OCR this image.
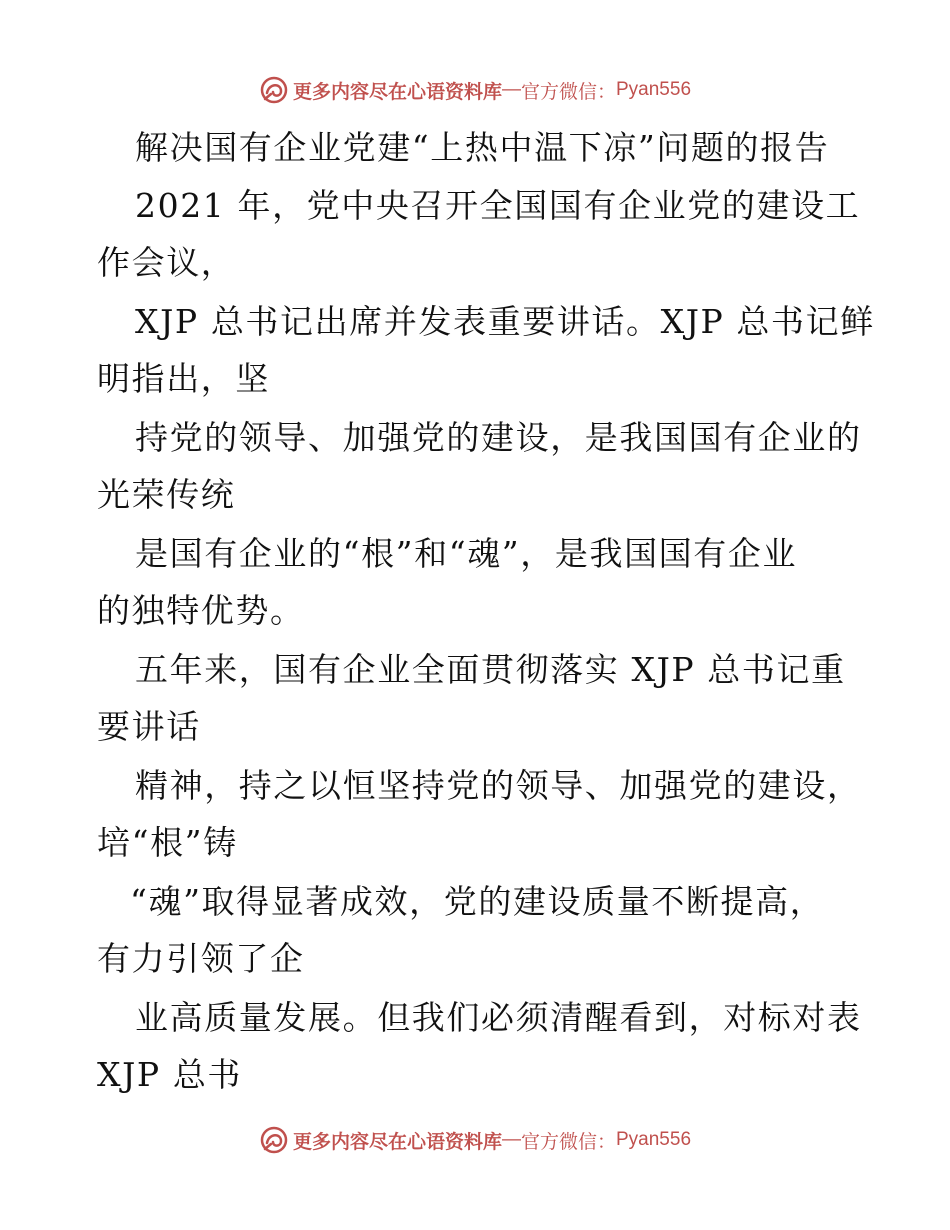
更多内容尽在心语资料库 — 官方微信： Pyan556
解决国有企业党建“上热中温下凉”问题的报告
2021 年，党中央召开全国国有企业党的建设工
作会议，
XJP 总书记出席并发表重要讲话。XJP 总书记鲜
明指出，坚
持党的领导、加强党的建设，是我国国有企业的
光荣传统
是国有企业的“根”和“魂”，是我国国有企业
的独特优势。
五年来，国有企业全面贯彻落实 XJP 总书记重
要讲话
精神，持之以恒坚持党的领导、加强党的建设，
培“根”铸
“魂”取得显著成效，党的建设质量不断提高，
有力引领了企
业高质量发展。但我们必须清醒看到，对标对表
XJP 总书
更多内容尽在心语资料库 — 官方微信： Pyan556
